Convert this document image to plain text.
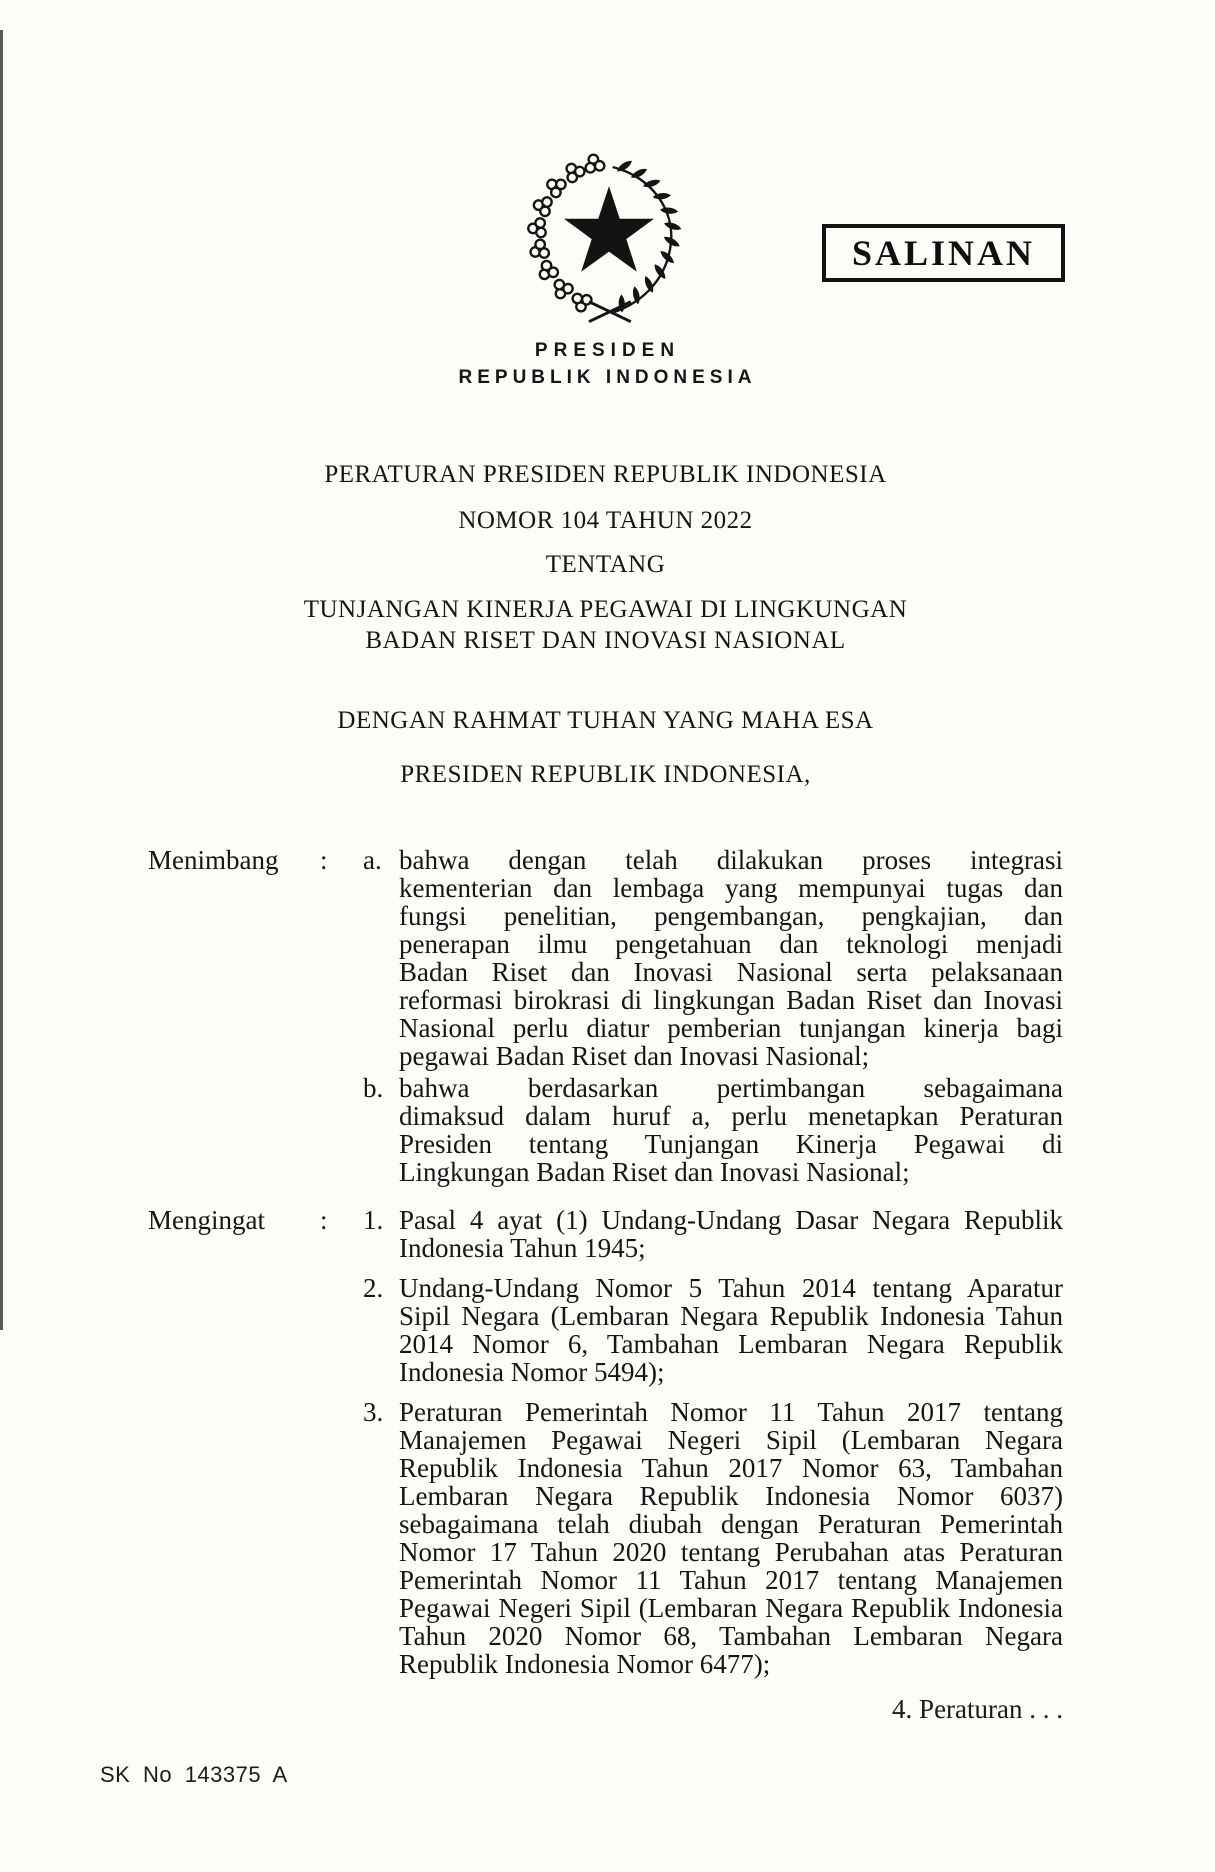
SALINAN
PRESIDEN
REPUBLIK INDONESIA
PERATURAN PRESIDEN REPUBLIK INDONESIA
NOMOR 104 TAHUN 2022
TENTANG
TUNJANGAN KINERJA PEGAWAI DI LINGKUNGAN
BADAN RISET DAN INOVASI NASIONAL
DENGAN RAHMAT TUHAN YANG MAHA ESA
PRESIDEN REPUBLIK INDONESIA,
Menimbang	:	a. bahwa dengan telah dilakukan proses integrasi
kementerian dan lembaga yang mempunyai tugas dan
fungsi penelitian, pengembangan, pengkajian, dan
penerapan ilmu pengetahuan dan teknologi menjadi
Badan Riset dan Inovasi Nasional serta pelaksanaan
reformasi birokrasi di lingkungan Badan Riset dan Inovasi
Nasional perlu diatur pemberian tunjangan kinerja bagi
pegawai Badan Riset dan Inovasi Nasional;
b. bahwa berdasarkan pertimbangan sebagaimana
dimaksud dalam huruf a, perlu menetapkan Peraturan
Presiden tentang Tunjangan Kinerja Pegawai di
Lingkungan Badan Riset dan Inovasi Nasional;
Mengingat	:	1. Pasal 4 ayat (1) Undang-Undang Dasar Negara Republik
Indonesia Tahun 1945;
2. Undang-Undang Nomor 5 Tahun 2014 tentang Aparatur
Sipil Negara (Lembaran Negara Republik Indonesia Tahun
2014 Nomor 6, Tambahan Lembaran Negara Republik
Indonesia Nomor 5494);
3. Peraturan Pemerintah Nomor 11 Tahun 2017 tentang
Manajemen Pegawai Negeri Sipil (Lembaran Negara
Republik Indonesia Tahun 2017 Nomor 63, Tambahan
Lembaran Negara Republik Indonesia Nomor 6037)
sebagaimana telah diubah dengan Peraturan Pemerintah
Nomor 17 Tahun 2020 tentang Perubahan atas Peraturan
Pemerintah Nomor 11 Tahun 2017 tentang Manajemen
Pegawai Negeri Sipil (Lembaran Negara Republik Indonesia
Tahun 2020 Nomor 68, Tambahan Lembaran Negara
Republik Indonesia Nomor 6477);
4. Peraturan . . .
SK No 143375 A
